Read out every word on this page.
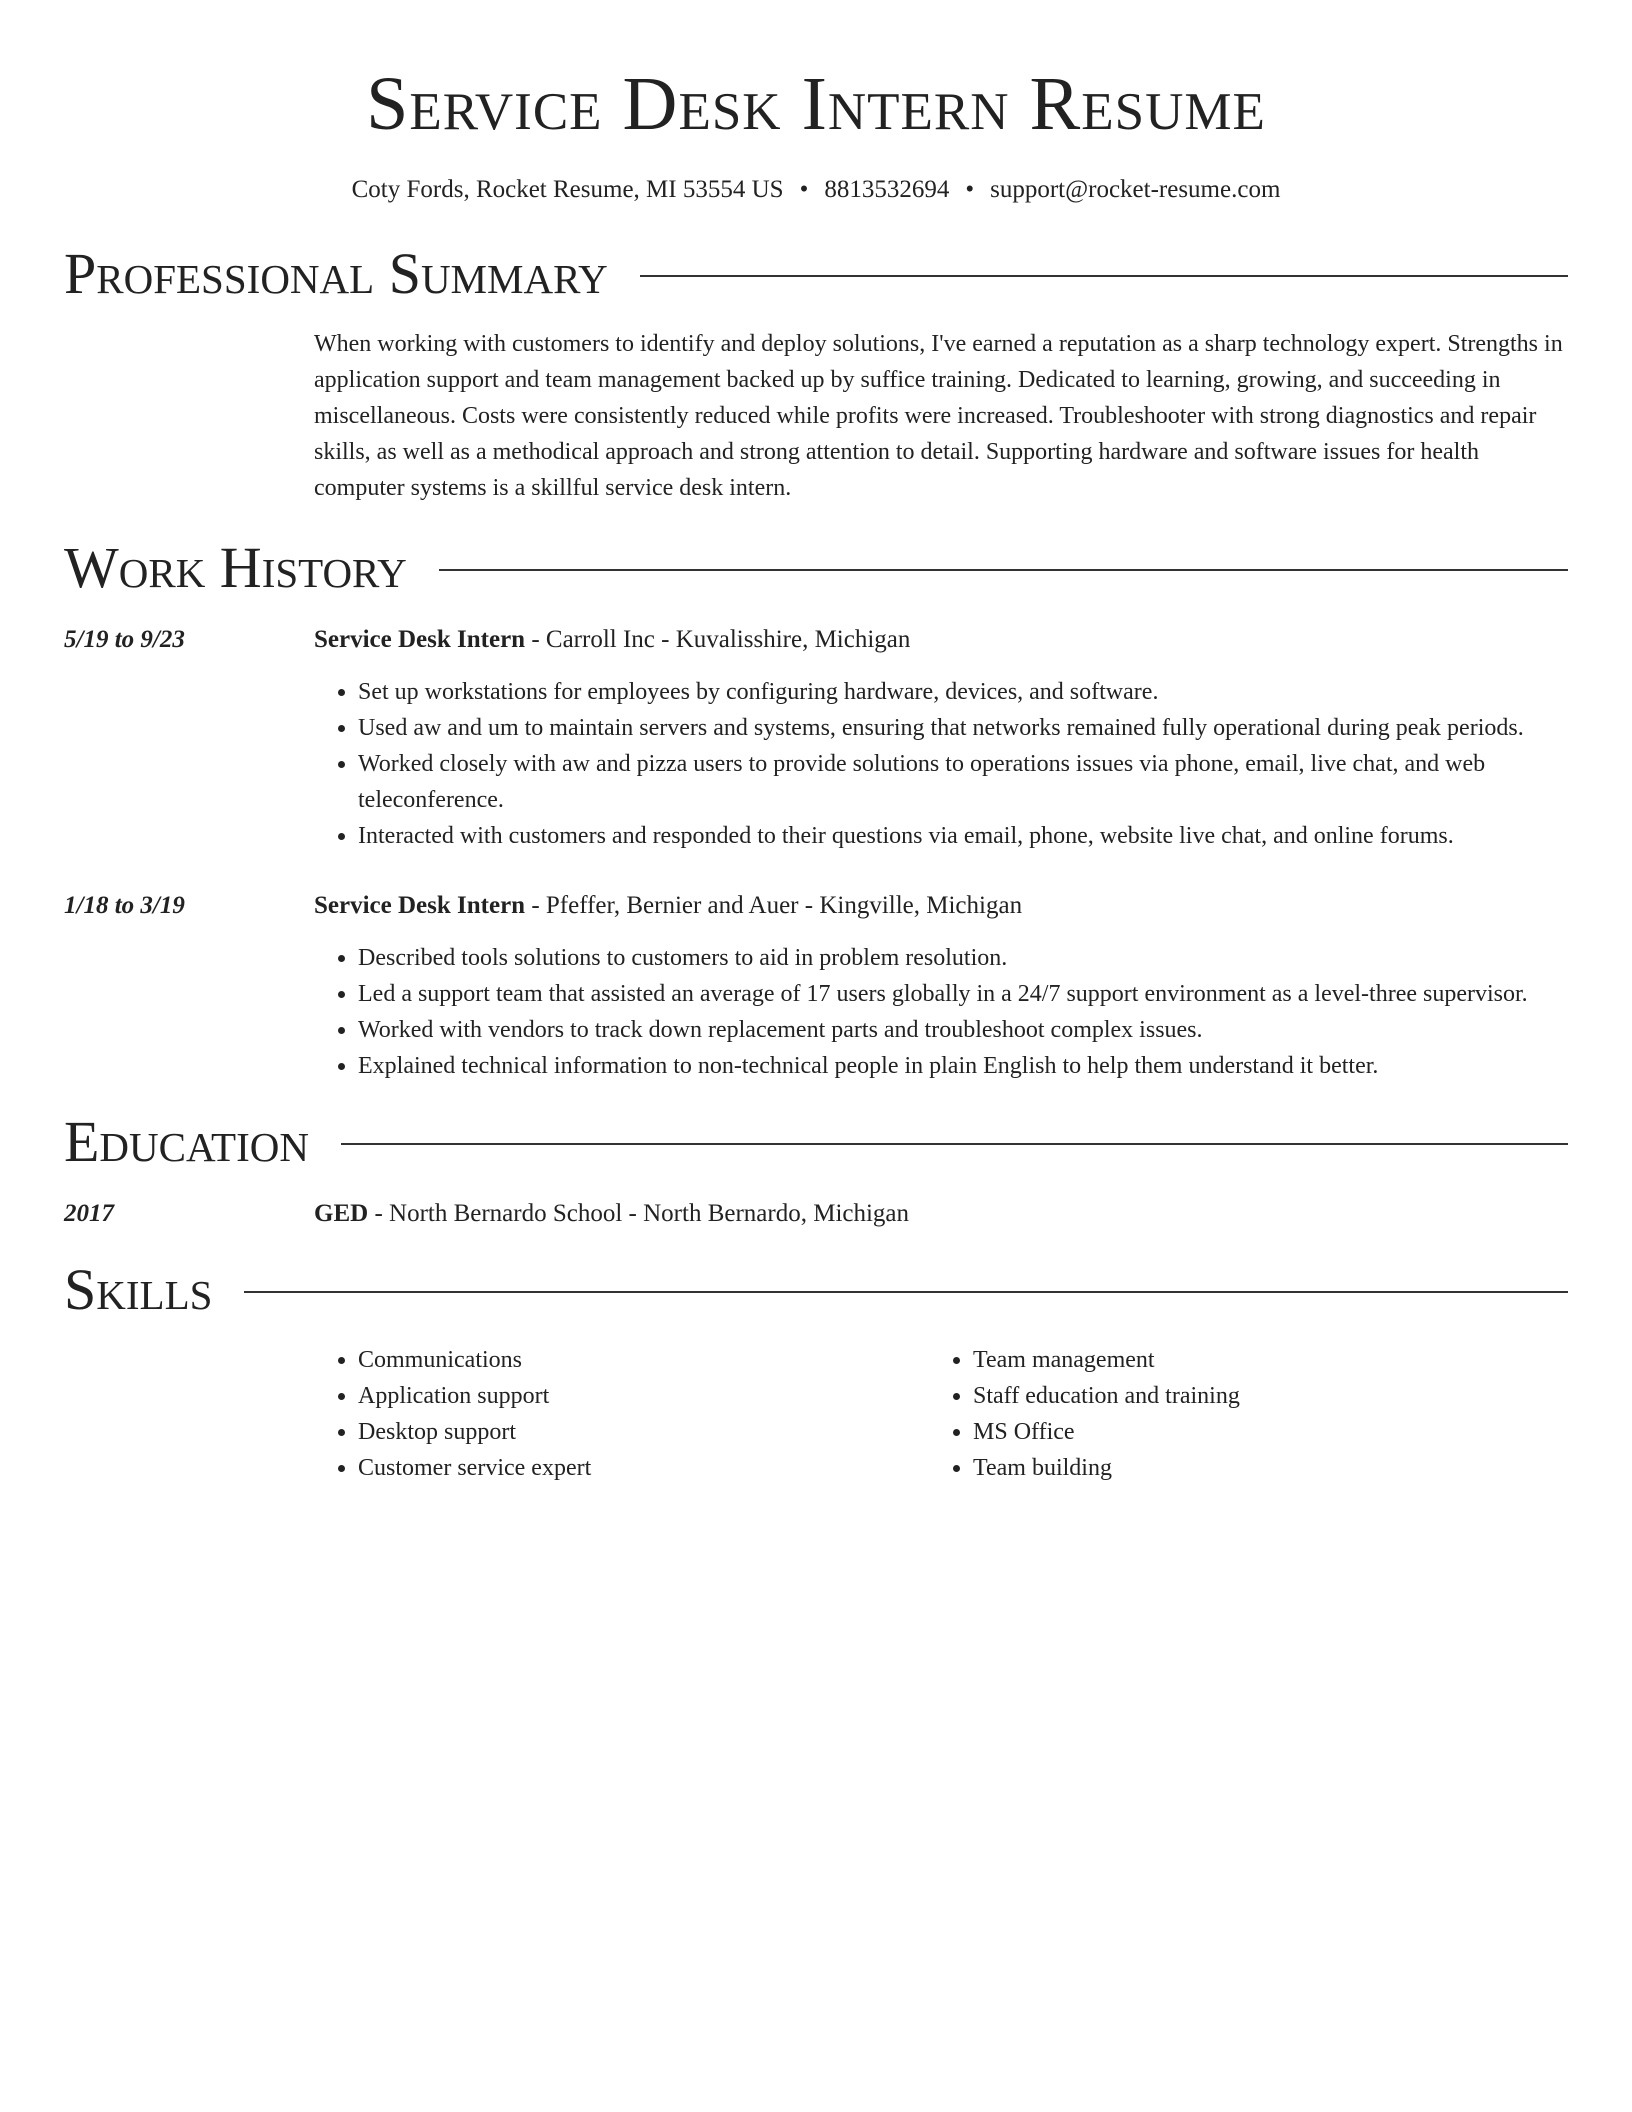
Service Desk Intern Resume
Coty Fords, Rocket Resume, MI 53554 US • 8813532694 • support@rocket-resume.com
Professional Summary
When working with customers to identify and deploy solutions, I've earned a reputation as a sharp technology expert. Strengths in application support and team management backed up by suffice training. Dedicated to learning, growing, and succeeding in miscellaneous. Costs were consistently reduced while profits were increased. Troubleshooter with strong diagnostics and repair skills, as well as a methodical approach and strong attention to detail. Supporting hardware and software issues for health computer systems is a skillful service desk intern.
Work History
5/19 to 9/23	Service Desk Intern - Carroll Inc - Kuvalisshire, Michigan
• Set up workstations for employees by configuring hardware, devices, and software.
• Used aw and um to maintain servers and systems, ensuring that networks remained fully operational during peak periods.
• Worked closely with aw and pizza users to provide solutions to operations issues via phone, email, live chat, and web teleconference.
• Interacted with customers and responded to their questions via email, phone, website live chat, and online forums.
1/18 to 3/19	Service Desk Intern - Pfeffer, Bernier and Auer - Kingville, Michigan
• Described tools solutions to customers to aid in problem resolution.
• Led a support team that assisted an average of 17 users globally in a 24/7 support environment as a level-three supervisor.
• Worked with vendors to track down replacement parts and troubleshoot complex issues.
• Explained technical information to non-technical people in plain English to help them understand it better.
Education
2017	GED - North Bernardo School - North Bernardo, Michigan
Skills
• Communications
• Application support
• Desktop support
• Customer service expert
• Team management
• Staff education and training
• MS Office
• Team building
